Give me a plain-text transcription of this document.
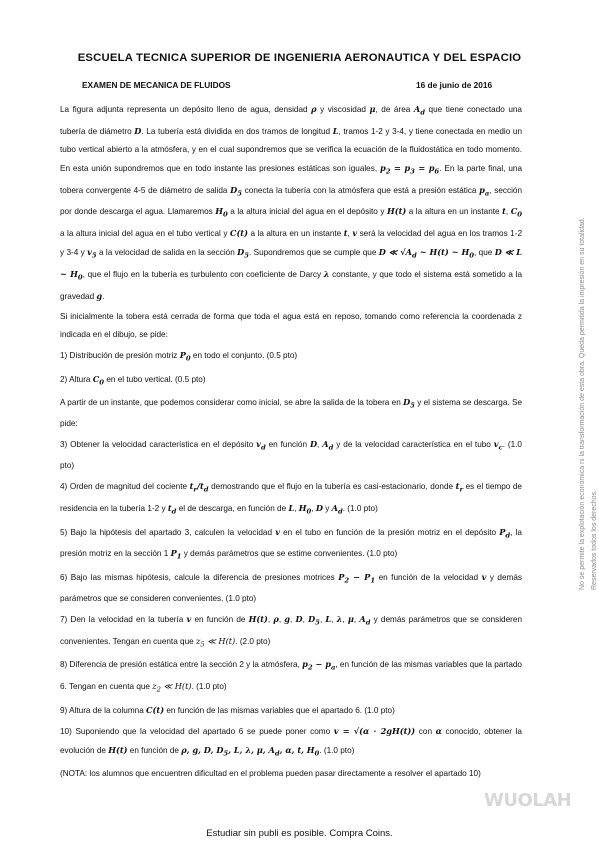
ESCUELA TECNICA SUPERIOR DE INGENIERIA AERONAUTICA Y DEL ESPACIO
EXAMEN DE MECANICA DE FLUIDOS	16 de junio de 2016

La figura adjunta representa un depósito lleno de agua, densidad ρ y viscosidad μ, de área $A_d$ que tiene conectado una tubería de diámetro D. La tubería está dividida en dos tramos de longitud L, tramos 1-2 y 3-4, y tiene conectada en medio un tubo vertical abierto a la atmósfera, y en el cual supondremos que se verifica la ecuación de la fluidostática en todo momento. En esta unión supondremos que en todo instante las presiones estáticas son iguales, $p_2 = p_3 = p_6$. En la parte final, una tobera convergente 4-5 de diámetro de salida $D_5$ conecta la tubería con la atmósfera que está a presión estática $p_a$, sección por donde descarga el agua. Llamaremos $H_0$ a la altura inicial del agua en el depósito y H(t) a la altura en un instante t, $C_0$ a la altura inicial del agua en el tubo vertical y C(t) a la altura en un instante t, v será la velocidad del agua en los tramos 1-2 y 3-4 y $v_5$ a la velocidad de salida en la sección $D_5$. Supondremos que se cumple que D ≪ $√A_d$ ~ H(t) ~ $H_0$, que D ≪ L ~ $H_0$, que el flujo en la tubería es turbulento con coeficiente de Darcy λ constante, y que todo el sistema está sometido a la gravedad g.

Si inicialmente la tobera está cerrada de forma que toda el agua está en reposo, tomando como referencia la coordenada z indicada en el dibujo, se pide:

1) Distribución de presión motriz $P_0$ en todo el conjunto. (0.5 pto)

2) Altura $C_0$ en el tubo vertical. (0.5 pto)

A partir de un instante, que podemos considerar como inicial, se abre la salida de la tobera en $D_5$ y el sistema se descarga. Se pide:

3) Obtener la velocidad característica en el depósito $v_d$ en función D, $A_d$ y de la velocidad característica en el tubo $v_c$. (1.0 pto)

4) Orden de magnitud del cociente $t_r/t_d$ demostrando que el flujo en la tubería es casi-estacionario, donde $t_r$ es el tiempo de residencia en la tubería 1-2 y $t_d$ el de descarga, en función de L, $H_0$, D y $A_d$. (1.0 pto)

5) Bajo la hipótesis del apartado 3, calculen la velocidad v en el tubo en función de la presión motriz en el depósito $P_d$, la presión motriz en la sección 1 $P_1$ y demás parámetros que se estime convenientes. (1.0 pto)

6) Bajo las mismas hipótesis, calcule la diferencia de presiones motrices $P_2 - P_1$ en función de la velocidad v y demás parámetros que se consideren convenientes. (1.0 pto)

7) Den la velocidad en la tubería v en función de H(t), ρ, g, D, $D_5$, L, λ, μ, $A_d$ y demás parámetros que se consideren convenientes. Tengan en cuenta que $z_5$ ≪ H(t). (2.0 pto)

8) Diferencia de presión estática entre la sección 2 y la atmósfera, $p_2 - p_a$, en función de las mismas variables que la partado 6. Tengan en cuenta que $z_2$ ≪ H(t). (1.0 pto)

9) Altura de la columna C(t) en función de las mismas variables que el apartado 6. (1.0 pto)

10) Suponiendo que la velocidad del apartado 6 se puede poner como v = √(α · 2gH(t)) con α conocido, obtener la evolución de H(t) en función de ρ, g, D, $D_5$, L, λ, μ, $A_d$, α, t, $H_0$. (1.0 pto)

(NOTA: los alumnos que encuentren dificultad en el problema pueden pasar directamente a resolver el apartado 10)

Reservados todos los derechos.
No se permite la explotación económica ni la transformación de esta obra. Queda permitida la impresión en su totalidad.
WUOLAH
Estudiar sin publi es posible. Compra Coins.
